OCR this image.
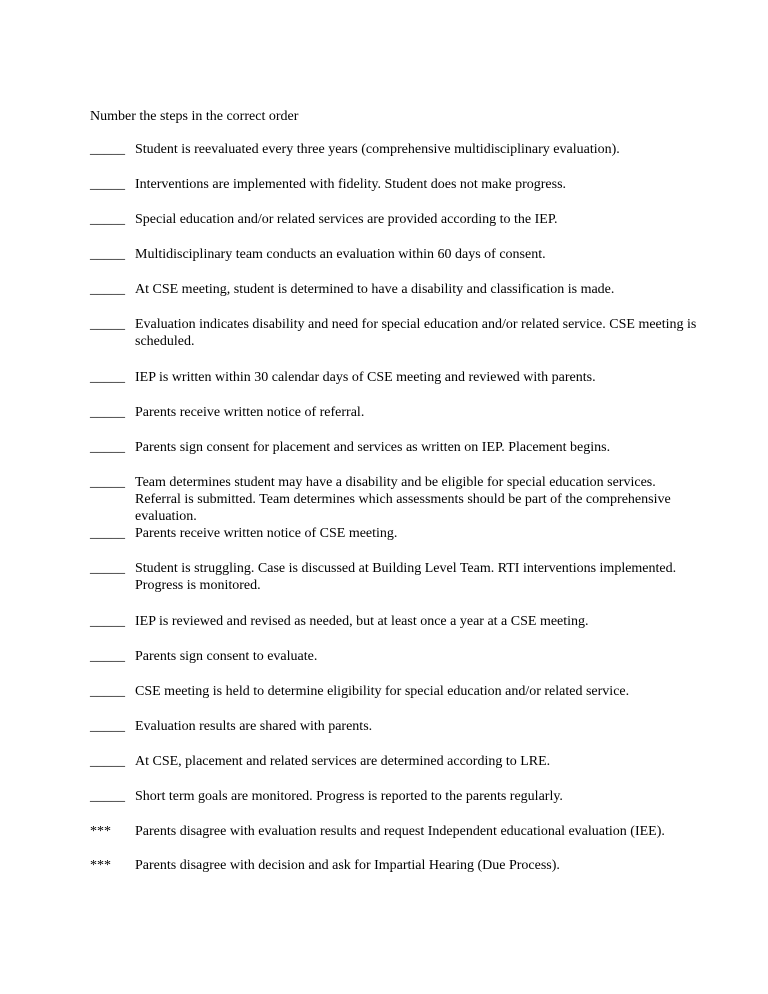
Number the steps in the correct order
_____ Student is reevaluated every three years (comprehensive multidisciplinary evaluation).
_____ Interventions are implemented with fidelity. Student does not make progress.
_____ Special education and/or related services are provided according to the IEP.
_____ Multidisciplinary team conducts an evaluation within 60 days of consent.
_____ At CSE meeting, student is determined to have a disability and classification is made.
_____ Evaluation indicates disability and need for special education and/or related service. CSE meeting is scheduled.
_____ IEP is written within 30 calendar days of CSE meeting and reviewed with parents.
_____ Parents receive written notice of referral.
_____ Parents sign consent for placement and services as written on IEP. Placement begins.
_____ Team determines student may have a disability and be eligible for special education services. Referral is submitted. Team determines which assessments should be part of the comprehensive evaluation.
_____ Parents receive written notice of CSE meeting.
_____ Student is struggling. Case is discussed at Building Level Team. RTI interventions implemented. Progress is monitored.
_____ IEP is reviewed and revised as needed, but at least once a year at a CSE meeting.
_____ Parents sign consent to evaluate.
_____ CSE meeting is held to determine eligibility for special education and/or related service.
_____ Evaluation results are shared with parents.
_____ At CSE, placement and related services are determined according to LRE.
_____ Short term goals are monitored. Progress is reported to the parents regularly.
***	Parents disagree with evaluation results and request Independent educational evaluation (IEE).
***	Parents disagree with decision and ask for Impartial Hearing (Due Process).
